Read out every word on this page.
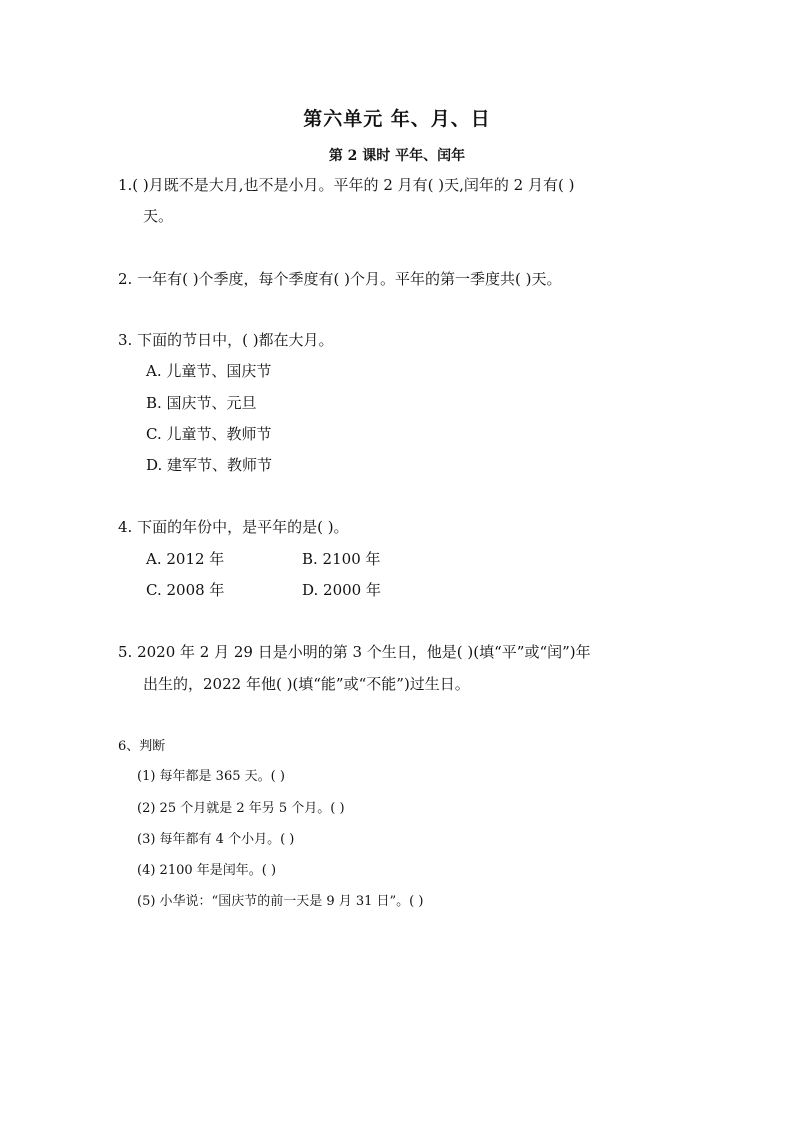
第六单元 年、月、日
第 2 课时 平年、闰年
1.( )月既不是大月,也不是小月。平年的 2 月有( )天,闰年的 2 月有( )
天。
2. 一年有( )个季度，每个季度有( )个月。平年的第一季度共( )天。
3. 下面的节日中，( )都在大月。
A. 儿童节、国庆节
B. 国庆节、元旦
C. 儿童节、教师节
D. 建军节、教师节
4. 下面的年份中，是平年的是( )。
A. 2012 年	B. 2100 年
C. 2008 年	D. 2000 年
5. 2020 年 2 月 29 日是小明的第 3 个生日，他是( )(填“平”或“闰”)年
出生的，2022 年他( )(填“能”或“不能”)过生日。
6、判断
(1) 每年都是 365 天。( )
(2) 25 个月就是 2 年另 5 个月。( )
(3) 每年都有 4 个小月。( )
(4) 2100 年是闰年。( )
(5) 小华说：“国庆节的前一天是 9 月 31 日”。( )
